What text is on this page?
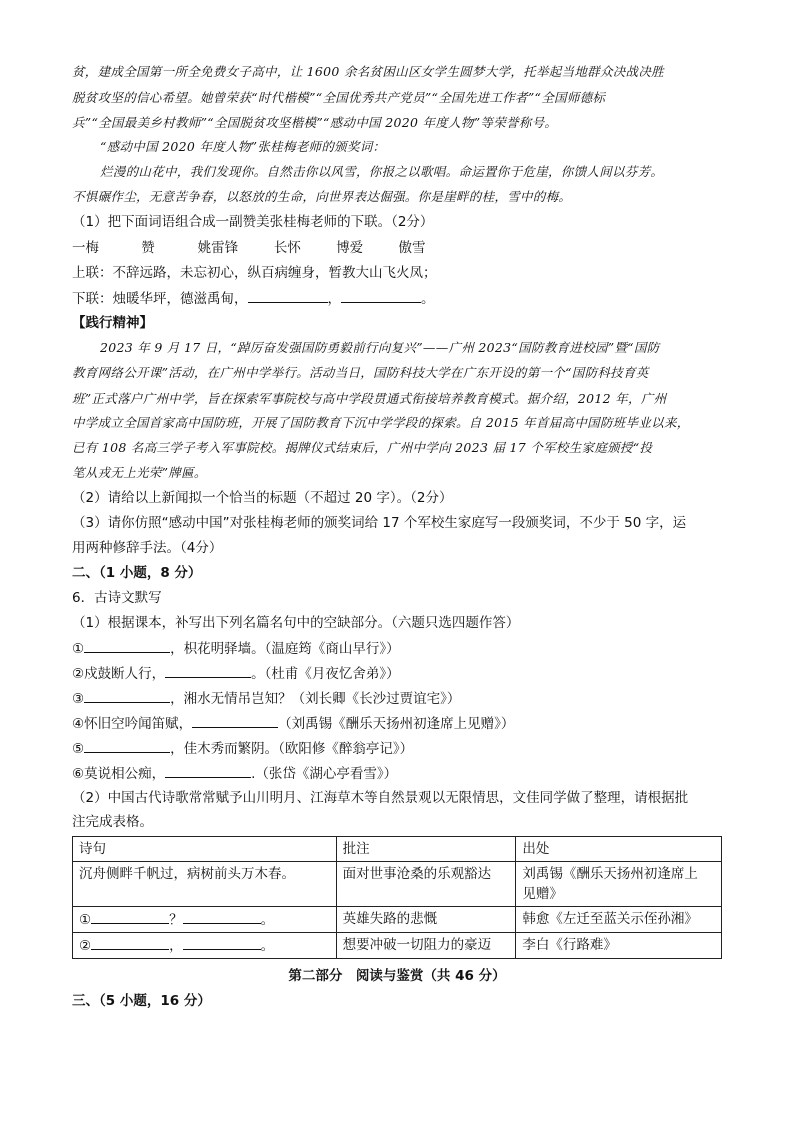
贫，建成全国第一所全免费女子高中，让 1600 余名贫困山区女学生圆梦大学，托举起当地群众决战决胜
脱贫攻坚的信心希望。她曾荣获“时代楷模”“全国优秀共产党员”“全国先进工作者”“全国师德标
兵”“全国最美乡村教师”“全国脱贫攻坚楷模”“感动中国 2020 年度人物”等荣誉称号。
“感动中国 2020 年度人物”张桂梅老师的颁奖词：
烂漫的山花中，我们发现你。自然击你以风雪，你报之以歌唱。命运置你于危崖，你馈人间以芬芳。
不惧碾作尘，无意苦争春，以怒放的生命，向世界表达倔强。你是崖畔的桂，雪中的梅。
（1）把下面词语组合成一副赞美张桂梅老师的下联。（2分）
一梅	赞	姚雷锋	长怀	博爱	傲雪
上联：不辞远路，未忘初心，纵百病缠身，暂教大山飞火凤；
下联：烛暖华坪，德滋禹甸，	，	。
【践行精神】
2023 年 9 月 17 日，“踔厉奋发强国防勇毅前行向复兴”——广州 2023“国防教育进校园”暨“国防
教育网络公开课”活动，在广州中学举行。活动当日，国防科技大学在广东开设的第一个“国防科技育英
班”正式落户广州中学，旨在探索军事院校与高中学段贯通式衔接培养教育模式。据介绍，2012 年，广州
中学成立全国首家高中国防班，开展了国防教育下沉中学学段的探索。自 2015 年首届高中国防班毕业以来，
已有 108 名高三学子考入军事院校。揭牌仪式结束后，广州中学向 2023 届 17 个军校生家庭颁授“投
笔从戎无上光荣”牌匾。
（2）请给以上新闻拟一个恰当的标题（不超过 20 字）。（2分）
（3）请你仿照“感动中国”对张桂梅老师的颁奖词给 17 个军校生家庭写一段颁奖词，不少于 50 字，运
用两种修辞手法。（4分）
二、（1 小题，8 分）
6．古诗文默写
（1）根据课本，补写出下列名篇名句中的空缺部分。（六题只选四题作答）
①	，枳花明驿墙。（温庭筠《商山早行》）
②戍鼓断人行，	。（杜甫《月夜忆舍弟》）
③	，湘水无情吊岂知？（刘长卿《长沙过贾谊宅》）
④怀旧空吟闻笛赋，	（刘禹锡《酬乐天扬州初逢席上见赠》）
⑤	，佳木秀而繁阴。（欧阳修《醉翁亭记》）
⑥莫说相公痴，	.（张岱《湖心亭看雪》）
（2）中国古代诗歌常常赋予山川明月、江海草木等自然景观以无限情思，文佳同学做了整理，请根据批
注完成表格。
诗句	批注	出处
沉舟侧畔千帆过，病树前头万木春。	面对世事沧桑的乐观豁达	刘禹锡《酬乐天扬州初逢席上
见赠》
① ？ 。	英雄失路的悲慨	韩愈《左迁至蓝关示侄孙湘》
② ， 。	想要冲破一切阻力的豪迈	李白《行路难》
第二部分　阅读与鉴赏（共 46 分）
三、（5 小题，16 分）
